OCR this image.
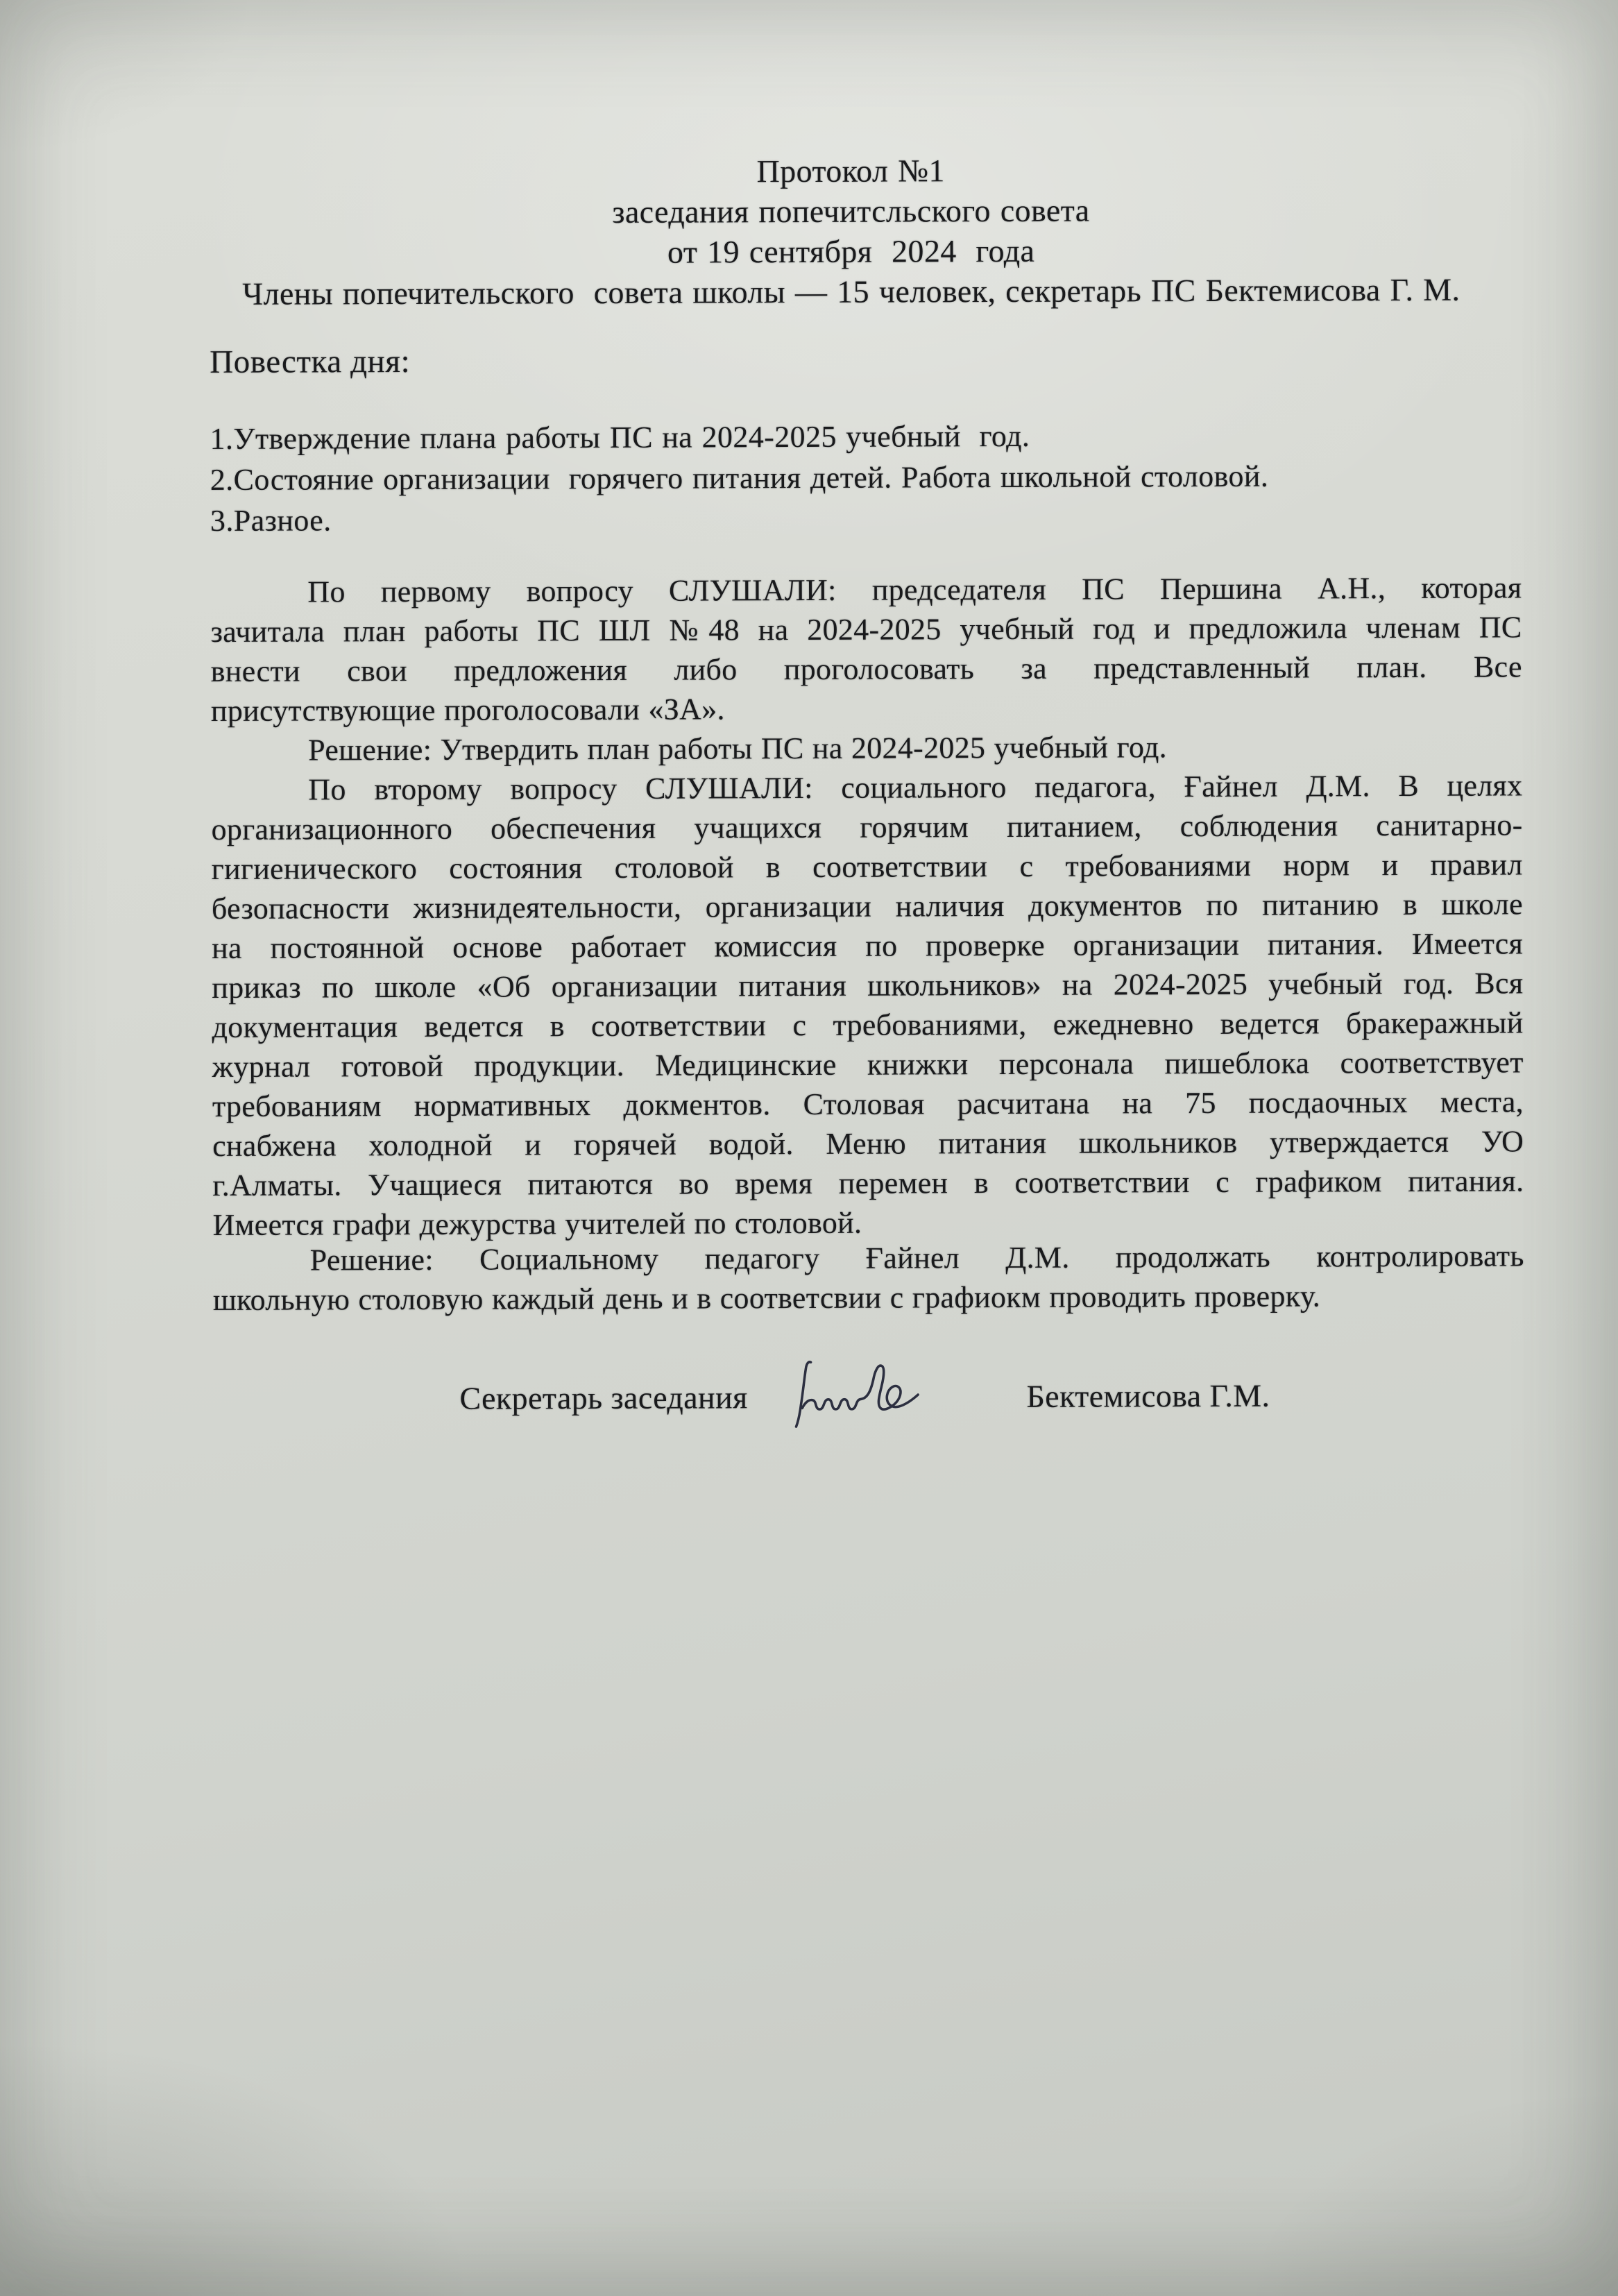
Протокол №1
заседания попечитсльского совета
от 19 сентября  2024  года
Члены попечительского  совета школы — 15 человек, секретарь ПС Бектемисова Г. М.
Повестка дня:
1.Утверждение плана работы ПС на 2024-2025 учебный  год.
2.Состояние организации  горячего питания детей. Работа школьной столовой.
3.Разное.
По первому вопросу СЛУШАЛИ: председателя ПС Першина А.Н., которая
зачитала план работы ПС ШЛ №48 на 2024-2025 учебный год и предложила членам ПС
внести свои предложения либо проголосовать за представленный план. Все
присутствующие проголосовали «ЗА».
Решение: Утвердить план работы ПС на 2024-2025 учебный год.
По второму вопросу СЛУШАЛИ: социального педагога, Ғайнел Д.М. В целях
организационного обеспечения учащихся горячим питанием, соблюдения санитарно-
гигиенического состояния столовой в соответствии с требованиями норм и правил
безопасности жизнидеятельности, организации наличия документов по питанию в школе
на постоянной основе работает комиссия по проверке организации питания. Имеется
приказ по школе «Об организации питания школьников» на 2024-2025 учебный год. Вся
документация ведется в соответствии с требованиями, ежедневно ведется бракеражный
журнал готовой продукции. Медицинские книжки персонала пишеблока соответствует
требованиям нормативных докментов. Столовая расчитана на 75 посдаочных места,
снабжена холодной и горячей водой. Меню питания школьников утверждается УО
г.Алматы. Учащиеся питаются во время перемен в соответствии с графиком питания.
Имеется графи дежурства учителей по столовой.
Решение: Социальному педагогу Ғайнел Д.М. продолжать контролировать
школьную столовую каждый день и в соответсвии с графиокм проводить проверку.
Секретарь заседания	Бектемисова Г.М.
